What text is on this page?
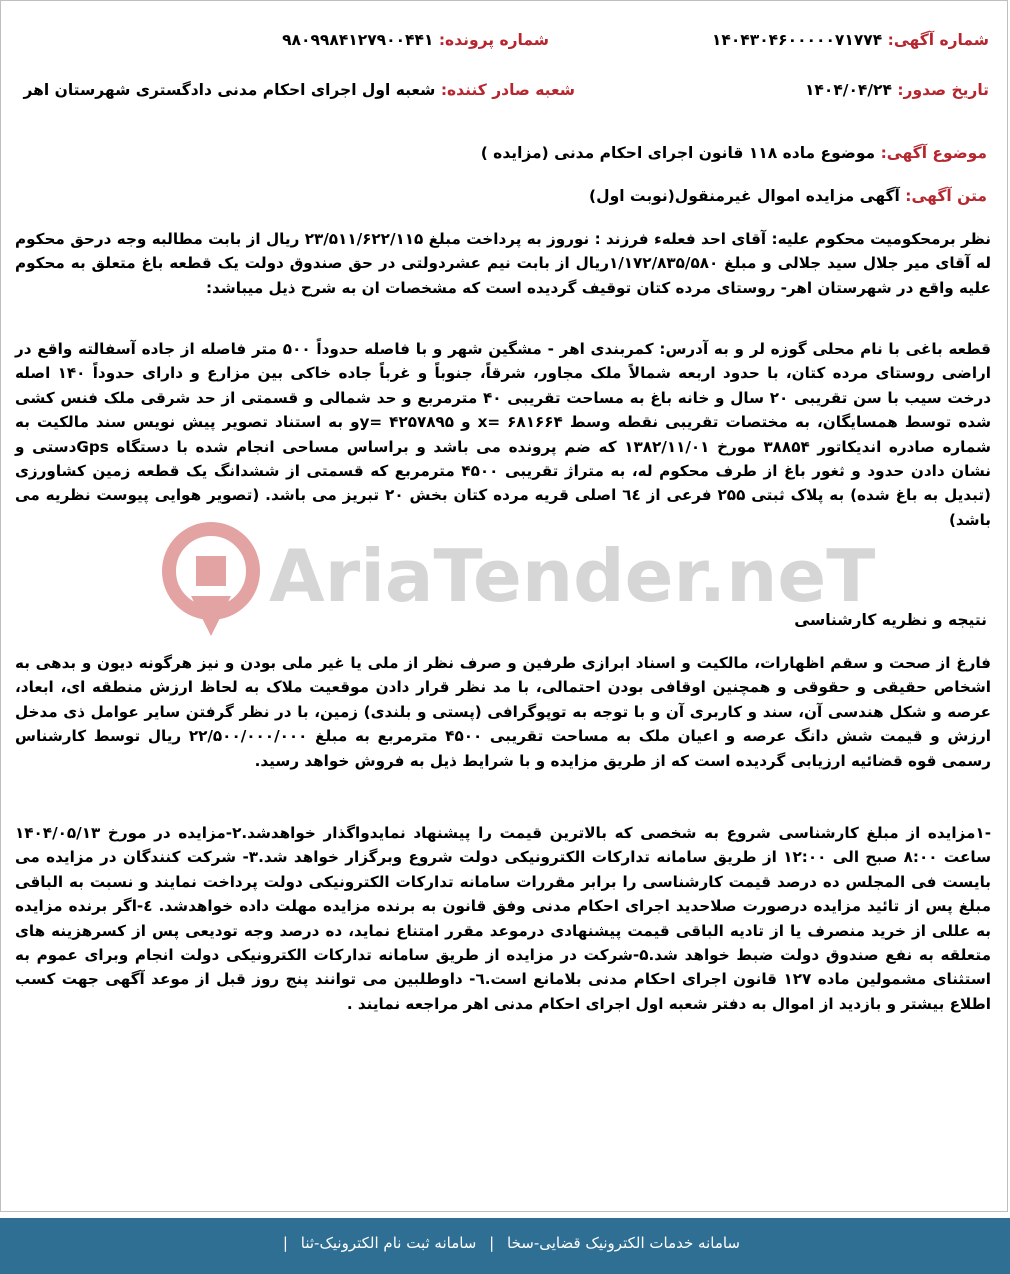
AriaTender.neT
شماره آگهی: ۱۴۰۴۳۰۴۶۰۰۰۰۰۷۱۷۷۴
شماره پرونده: ۹۸۰۹۹۸۴۱۲۷۹۰۰۴۴۱
تاریخ صدور: ۱۴۰۴/۰۴/۲۴
شعبه صادر کننده: شعبه اول اجرای احکام مدنی دادگستری شهرستان اهر
موضوع آگهی: موضوع ماده ۱۱۸ قانون اجرای احکام مدنی (مزایده )
متن آگهی: آگهی مزایده اموال غیرمنقول(نوبت اول)
نظر برمحکومیت محکوم علیه: آقای احد فعلهء فرزند : نوروز به پرداخت مبلغ ۲۳/۵۱۱/۶۲۲/۱۱۵ ریال از بابت مطالبه وجه درحق محکوم له آقای میر جلال سید جلالی و مبلغ ۱/۱۷۲/۸۳۵/۵۸۰ریال از بابت نیم عشردولتی در حق صندوق دولت یک قطعه باغ متعلق به محکوم علیه واقع در شهرستان اهر- روستای مرده کتان توقیف گردیده است که مشخصات ان به شرح ذیل میباشد:
قطعه باغی با نام محلی گوزه لر و به آدرس: کمربندی اهر - مشگین شهر و با فاصله حدوداً ۵۰۰ متر فاصله از جاده آسفالته واقع در اراضی روستای مرده کتان، با حدود اربعه شمالاً ملک مجاور، شرقاً، جنوباً و غرباً جاده خاکی بین مزارع و دارای حدوداً ۱۴۰ اصله درخت سیب با سن تقریبی ۲۰ سال و خانه باغ به مساحت تقریبی ۴۰ مترمربع و حد شمالی و قسمتی از حد شرقی ملک فنس کشی شده توسط همسایگان، به مختصات تقریبی نقطه وسط x= ۶۸۱۶۶۴ و y= ۴۲۵۷۸۹۵و به استناد تصویر پیش نویس سند مالکیت به شماره صادره اندیکاتور ۳۸۸۵۴ مورخ ۱۳۸۲/۱۱/۰۱ که ضم پرونده می باشد و براساس مساحی انجام شده با دستگاه Gpsدستی و نشان دادن حدود و ثغور باغ از طرف محکوم له، به متراژ تقریبی ۴۵۰۰ مترمربع که قسمتی از ششدانگ یک قطعه زمین کشاورزی (تبدیل به باغ شده) به پلاک ثبتی ۲۵۵ فرعی از ٦٤ اصلی قریه مرده کتان بخش ۲۰ تبریز می باشد. (تصویر هوایی پیوست نظریه می باشد)
نتیجه و نظریه کارشناسی
فارغ از صحت و سقم اظهارات، مالکیت و اسناد ابرازی طرفین و صرف نظر از ملی یا غیر ملی بودن و نیز هرگونه دیون و بدهی به اشخاص حقیقی و حقوقی و همچنین اوقافی بودن احتمالی، با مد نظر قرار دادن موقعیت ملاک به لحاظ ارزش منطقه ای، ابعاد، عرصه و شکل هندسی آن، سند و کاربری آن و با توجه به توپوگرافی (پستی و بلندی) زمین، با در نظر گرفتن سایر عوامل ذی مدخل ارزش و قیمت شش دانگ عرصه و اعیان ملک به مساحت تقریبی ۴۵۰۰ مترمربع به مبلغ ۲۲/۵۰۰/۰۰۰/۰۰۰ ریال توسط کارشناس رسمی قوه قضائیه ارزیابی گردیده است که از طریق مزایده و با شرایط ذیل به فروش خواهد رسید.
-۱مزایده از مبلغ کارشناسی شروع به شخصی که بالاترین قیمت را پیشنهاد نمایدواگذار خواهدشد.۲-مزایده در مورخ ۱۴۰۴/۰۵/۱۳ ساعت ۸:۰۰ صبح الی ۱۲:۰۰ از طریق سامانه تدارکات الکترونیکی دولت شروع وبرگزار خواهد شد.۳- شرکت کنندگان در مزایده می بایست فی المجلس ده درصد قیمت کارشناسی را برابر مقررات سامانه تدارکات الکترونیکی دولت پرداخت نمایند و نسبت به الباقی مبلغ پس از تائید مزایده درصورت صلاحدید اجرای احکام مدنی وفق قانون به برنده مزایده مهلت داده خواهدشد. ٤-اگر برنده مزایده به عللی از خرید منصرف یا از تادیه الباقی قیمت پیشنهادی درموعد مقرر امتناع نماید، ده درصد وجه تودیعی پس از کسرهزینه های متعلقه به نفع صندوق دولت ضبط خواهد شد.۵-شرکت در مزایده از طریق سامانه تدارکات الکترونیکی دولت انجام وبرای عموم به استثنای مشمولین ماده ۱۲۷ قانون اجرای احکام مدنی بلامانع است.٦- داوطلبین می توانند پنج روز قبل از موعد آگهی جهت کسب اطلاع بیشتر و بازدید از اموال به دفتر شعبه اول اجرای احکام مدنی اهر مراجعه نمایند .
سامانه خدمات الکترونیک قضایی-سخا | سامانه ثبت نام الکترونیک-ثنا |
